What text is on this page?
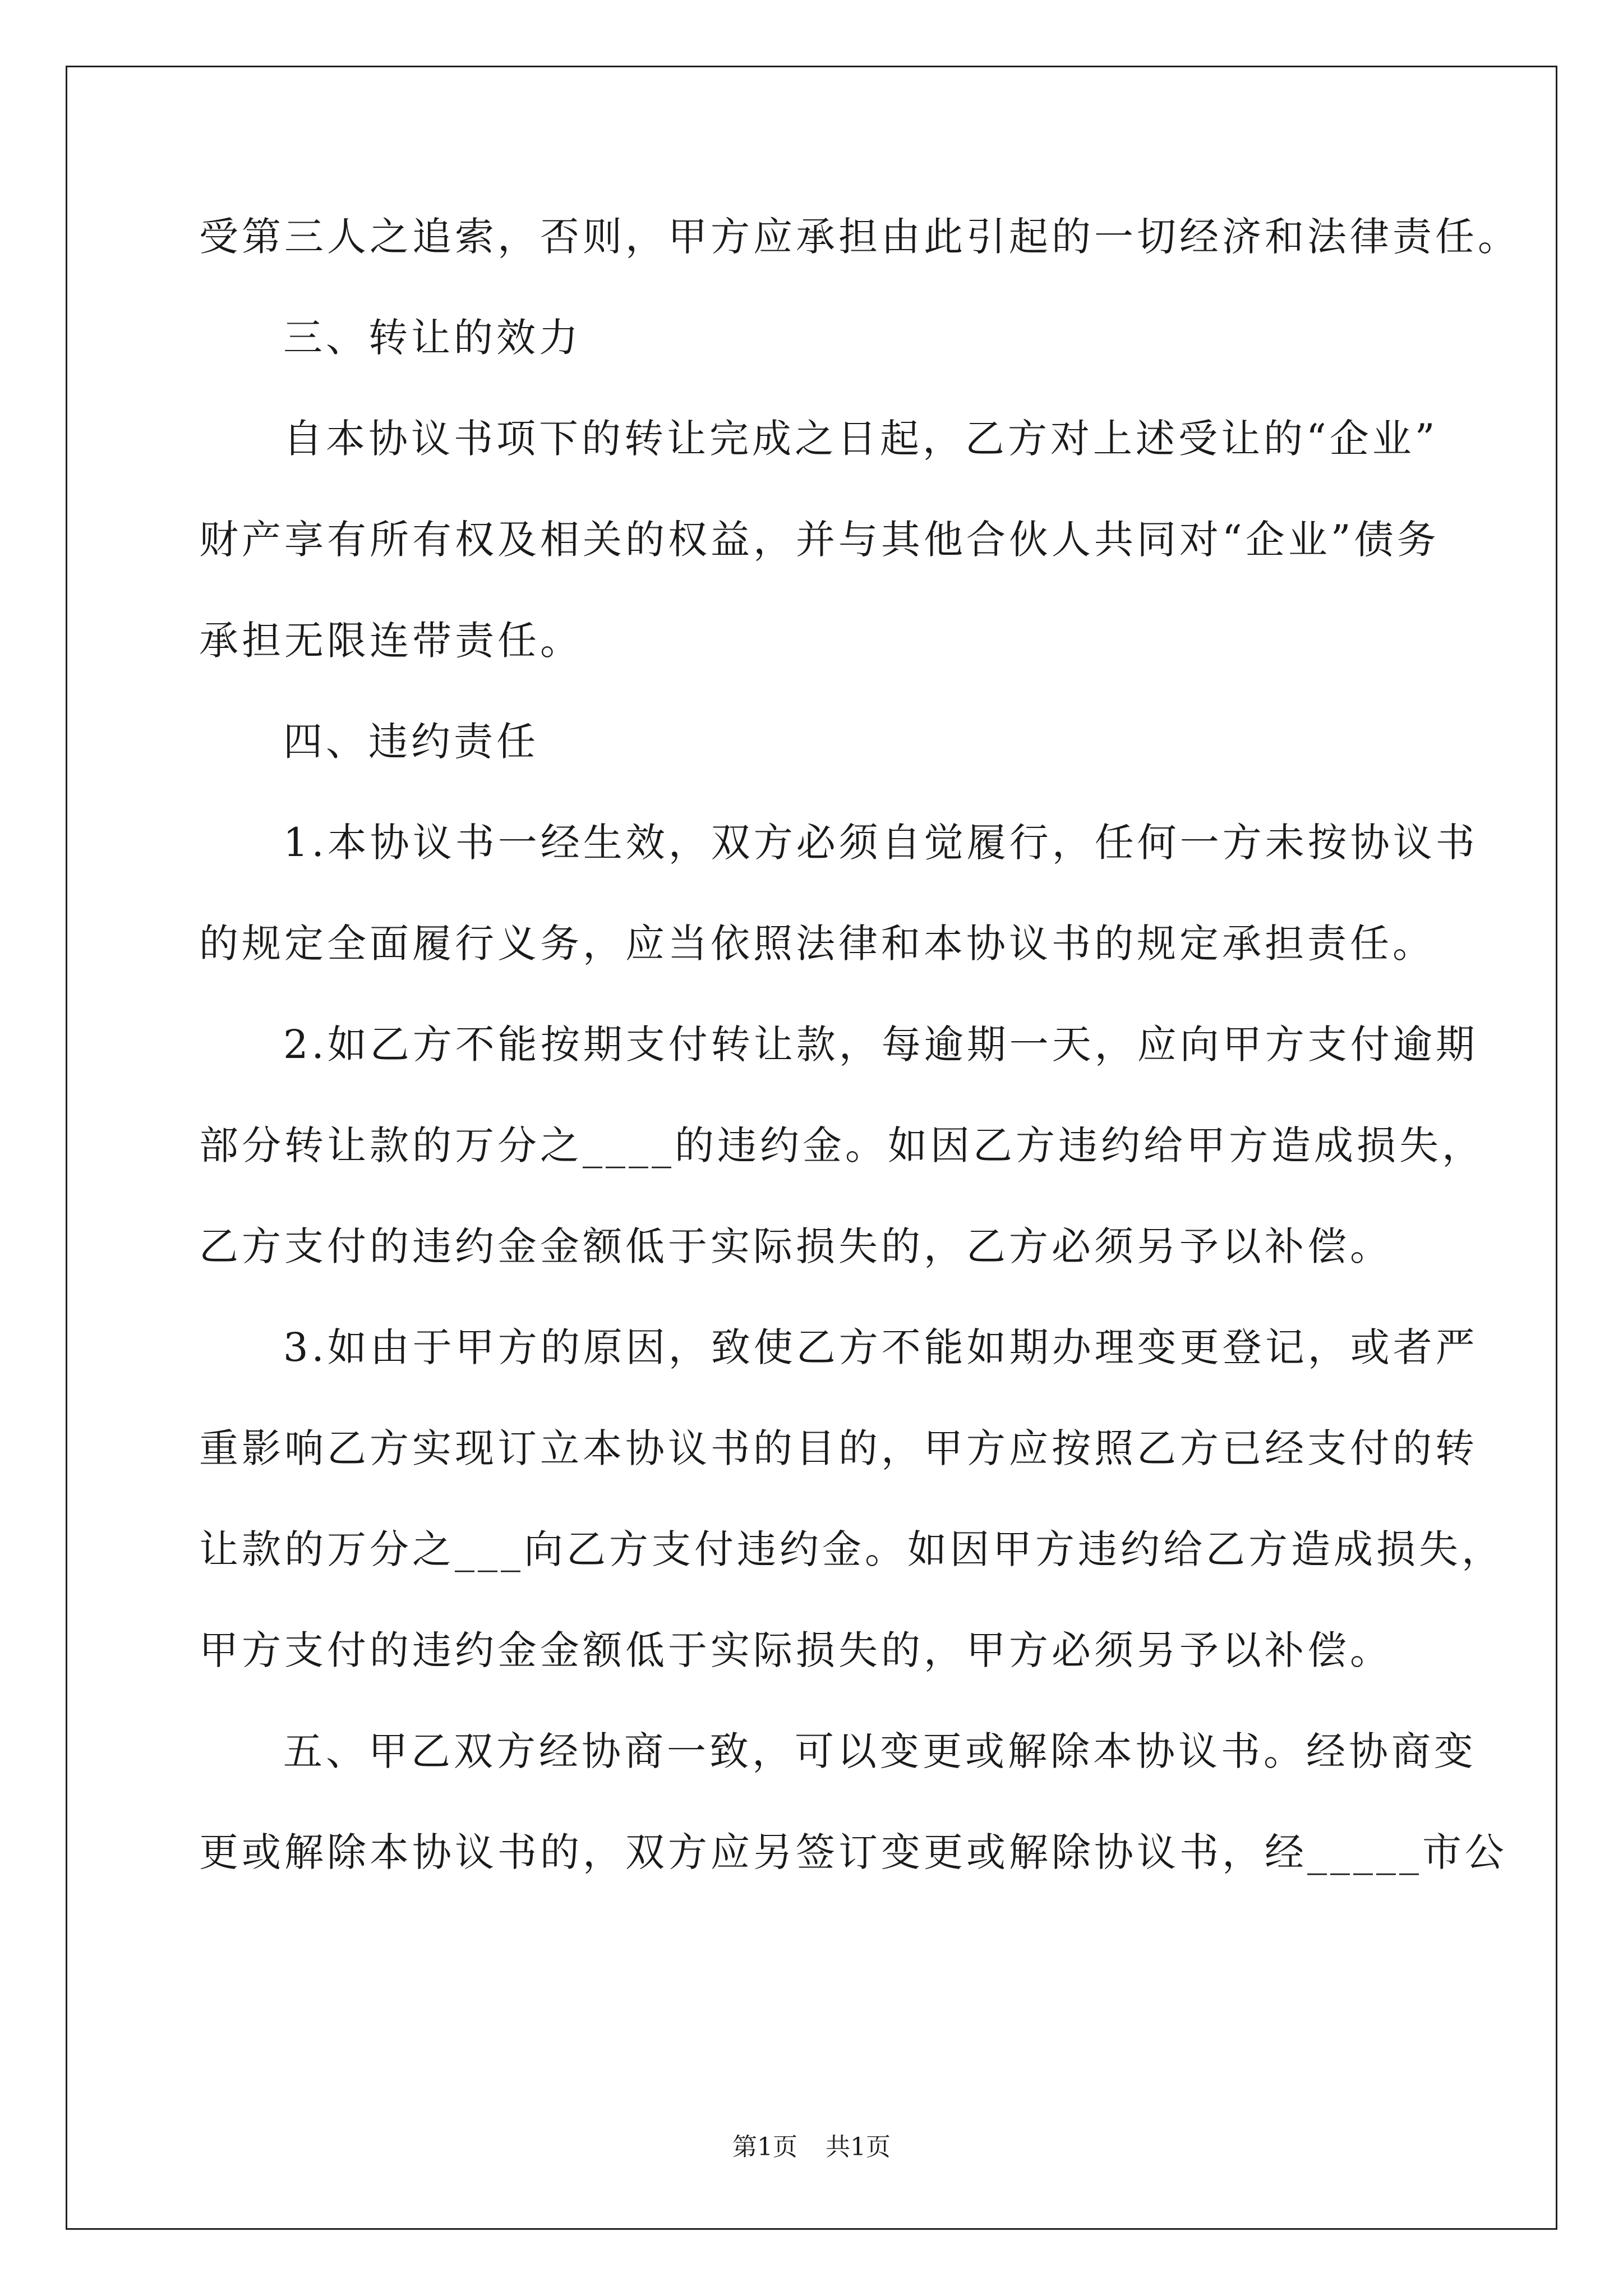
受第三人之追索，否则，甲方应承担由此引起的一切经济和法律责任。
三、转让的效力
自本协议书项下的转让完成之日起，乙方对上述受让的“企业”
财产享有所有权及相关的权益，并与其他合伙人共同对“企业”债务
承担无限连带责任。
四、违约责任
1.本协议书一经生效，双方必须自觉履行，任何一方未按协议书
的规定全面履行义务，应当依照法律和本协议书的规定承担责任。
2.如乙方不能按期支付转让款，每逾期一天，应向甲方支付逾期
部分转让款的万分之____的违约金。如因乙方违约给甲方造成损失，
乙方支付的违约金金额低于实际损失的，乙方必须另予以补偿。
3.如由于甲方的原因，致使乙方不能如期办理变更登记，或者严
重影响乙方实现订立本协议书的目的，甲方应按照乙方已经支付的转
让款的万分之___向乙方支付违约金。如因甲方违约给乙方造成损失，
甲方支付的违约金金额低于实际损失的，甲方必须另予以补偿。
五、甲乙双方经协商一致，可以变更或解除本协议书。经协商变
更或解除本协议书的，双方应另签订变更或解除协议书，经_____市公
第1页 共1页
